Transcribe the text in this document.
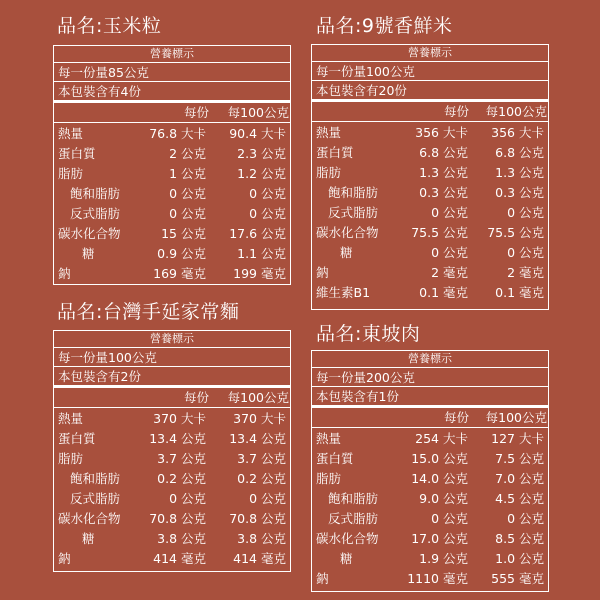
品名:玉米粒
營養標示
每一份量85公克
本包裝含有4份
每份	每100公克
熱量	76.8 大卡	90.4 大卡
蛋白質	2 公克	2.3 公克
脂肪	1 公克	1.2 公克
飽和脂肪	0 公克	0 公克
反式脂肪	0 公克	0 公克
碳水化合物	15 公克	17.6 公克
糖	0.9 公克	1.1 公克
鈉	169 毫克	199 毫克
品名:9號香鮮米
營養標示
每一份量100公克
本包裝含有20份
每份	每100公克
熱量	356 大卡	356 大卡
蛋白質	6.8 公克	6.8 公克
脂肪	1.3 公克	1.3 公克
飽和脂肪	0.3 公克	0.3 公克
反式脂肪	0 公克	0 公克
碳水化合物	75.5 公克	75.5 公克
糖	0 公克	0 公克
鈉	2 毫克	2 毫克
維生素B1	0.1 毫克	0.1 毫克
品名:台灣手延家常麵
營養標示
每一份量100公克
本包裝含有2份
每份	每100公克
熱量	370 大卡	370 大卡
蛋白質	13.4 公克	13.4 公克
脂肪	3.7 公克	3.7 公克
飽和脂肪	0.2 公克	0.2 公克
反式脂肪	0 公克	0 公克
碳水化合物	70.8 公克	70.8 公克
糖	3.8 公克	3.8 公克
鈉	414 毫克	414 毫克
品名:東坡肉
營養標示
每一份量200公克
本包裝含有1份
每份	每100公克
熱量	254 大卡	127 大卡
蛋白質	15.0 公克	7.5 公克
脂肪	14.0 公克	7.0 公克
飽和脂肪	9.0 公克	4.5 公克
反式脂肪	0 公克	0 公克
碳水化合物	17.0 公克	8.5 公克
糖	1.9 公克	1.0 公克
鈉	1110 毫克	555 毫克
